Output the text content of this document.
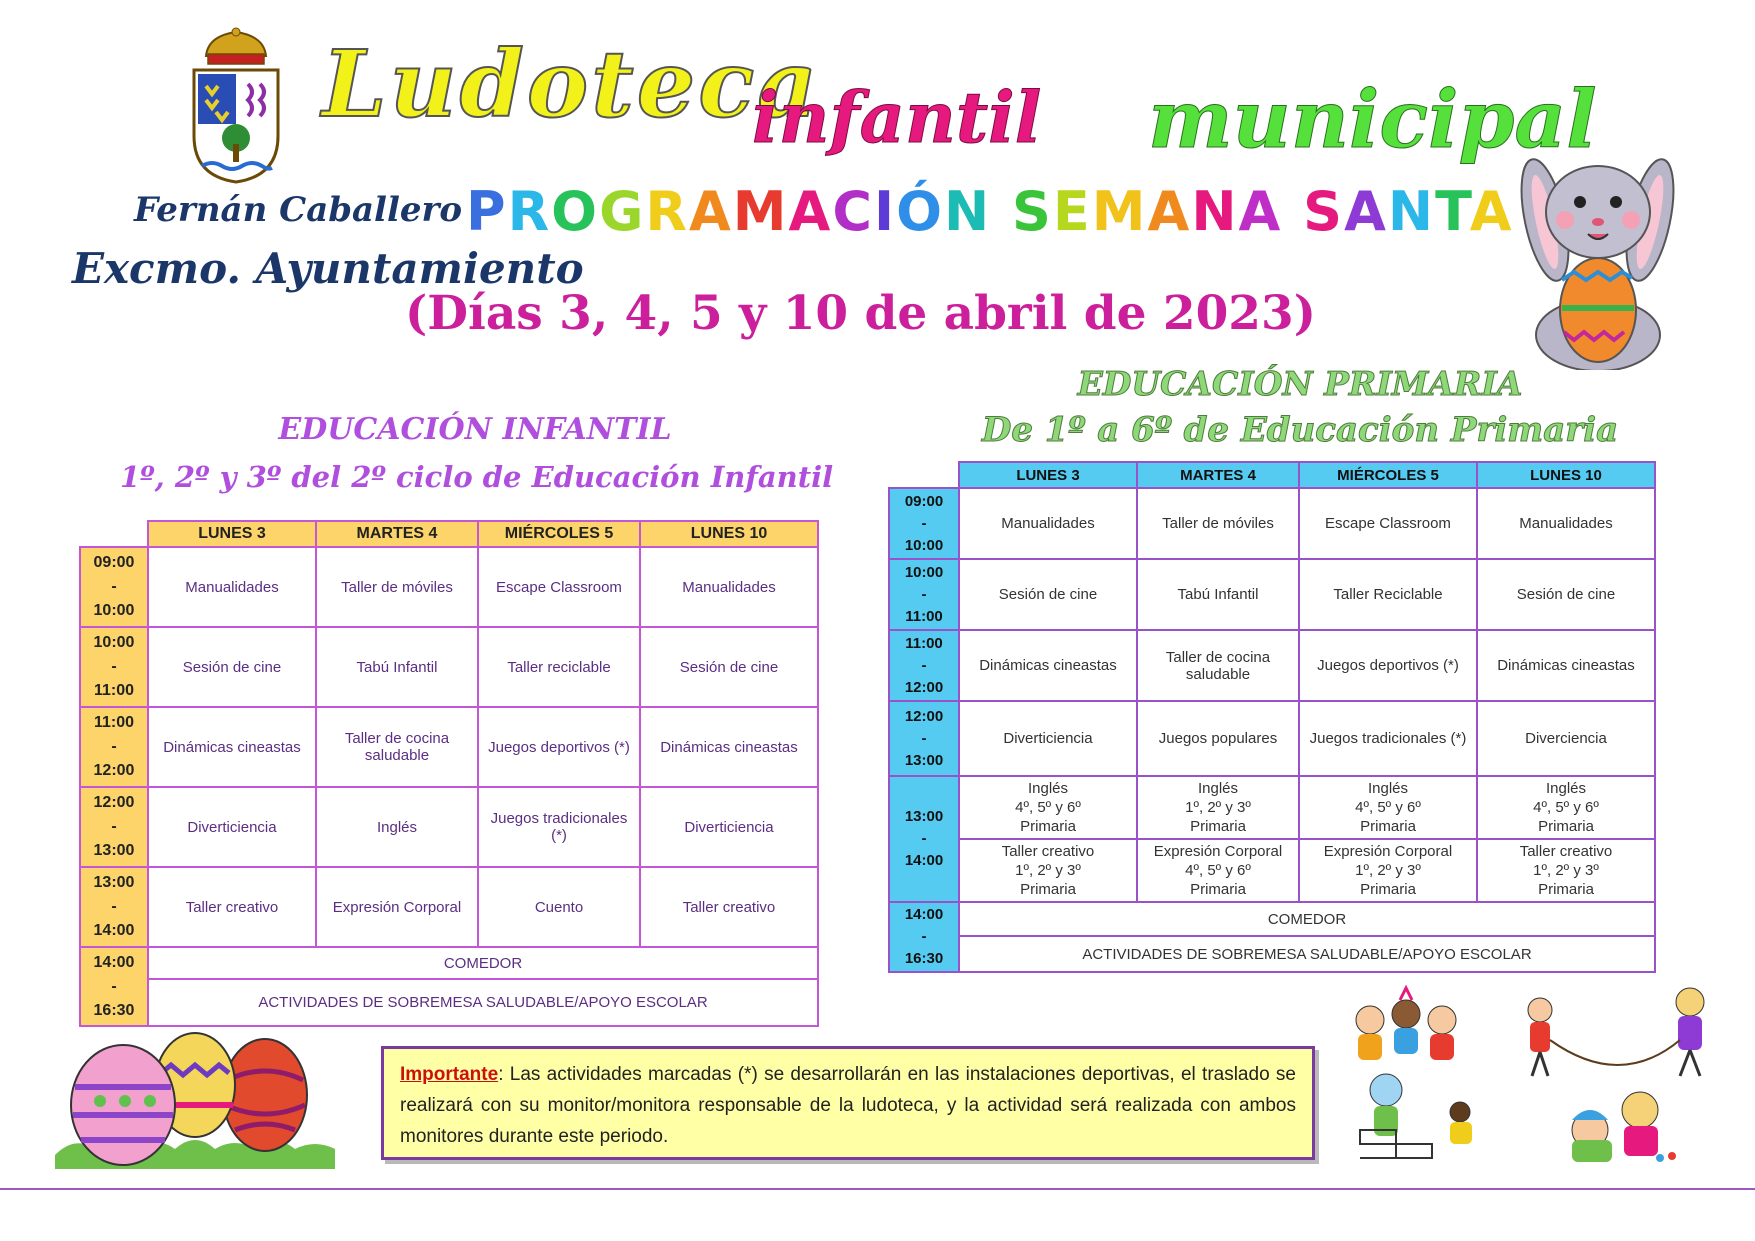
Fernán Caballero
Excmo. Ayuntamiento
Ludoteca
infantil municipal
PROGRAMACIÓN SEMANA SANTA
(Días 3, 4, 5 y 10 de abril de 2023)
EDUCACIÓN INFANTIL
1º, 2º y 3º del 2º ciclo de Educación Infantil
	LUNES 3	MARTES 4	MIÉRCOLES 5	LUNES 10
09:00
-
10:00	Manualidades	Taller de móviles	Escape Classroom	Manualidades
10:00
-
11:00	Sesión de cine	Tabú Infantil	Taller reciclable	Sesión de cine
11:00
-
12:00	Dinámicas cineastas	Taller de cocina saludable	Juegos deportivos (*)	Dinámicas cineastas
12:00
-
13:00	Diverticiencia	Inglés	Juegos tradicionales (*)	Diverticiencia
13:00
-
14:00	Taller creativo	Expresión Corporal	Cuento	Taller creativo
14:00
-
16:30	COMEDOR			
	ACTIVIDADES DE SOBREMESA SALUDABLE/APOYO ESCOLAR			
EDUCACIÓN PRIMARIA
De 1º a 6º de Educación Primaria
	LUNES 3	MARTES 4	MIÉRCOLES 5	LUNES 10
09:00
-
10:00	Manualidades	Taller de móviles	Escape Classroom	Manualidades
10:00
-
11:00	Sesión de cine	Tabú Infantil	Taller Reciclable	Sesión de cine
11:00
-
12:00	Dinámicas cineastas	Taller de cocina saludable	Juegos deportivos (*)	Dinámicas cineastas
12:00
-
13:00	Diverticiencia	Juegos populares	Juegos tradicionales (*)	Diverciencia
13:00
-
14:00	Inglés
4º, 5º y 6º
Primaria	Inglés
1º, 2º y 3º
Primaria	Inglés
4º, 5º y 6º
Primaria	Inglés
4º, 5º y 6º
Primaria
	Taller creativo
1º, 2º y 3º
Primaria	Expresión Corporal
4º, 5º y 6º
Primaria	Expresión Corporal
1º, 2º y 3º
Primaria	Taller creativo
1º, 2º y 3º
Primaria
14:00
-
16:30	COMEDOR			
	ACTIVIDADES DE SOBREMESA SALUDABLE/APOYO ESCOLAR			
Importante: Las actividades marcadas (*) se desarrollarán en las instalaciones deportivas, el traslado se realizará con su monitor/monitora responsable de la ludoteca, y la actividad será realizada con ambos monitores durante este periodo.
